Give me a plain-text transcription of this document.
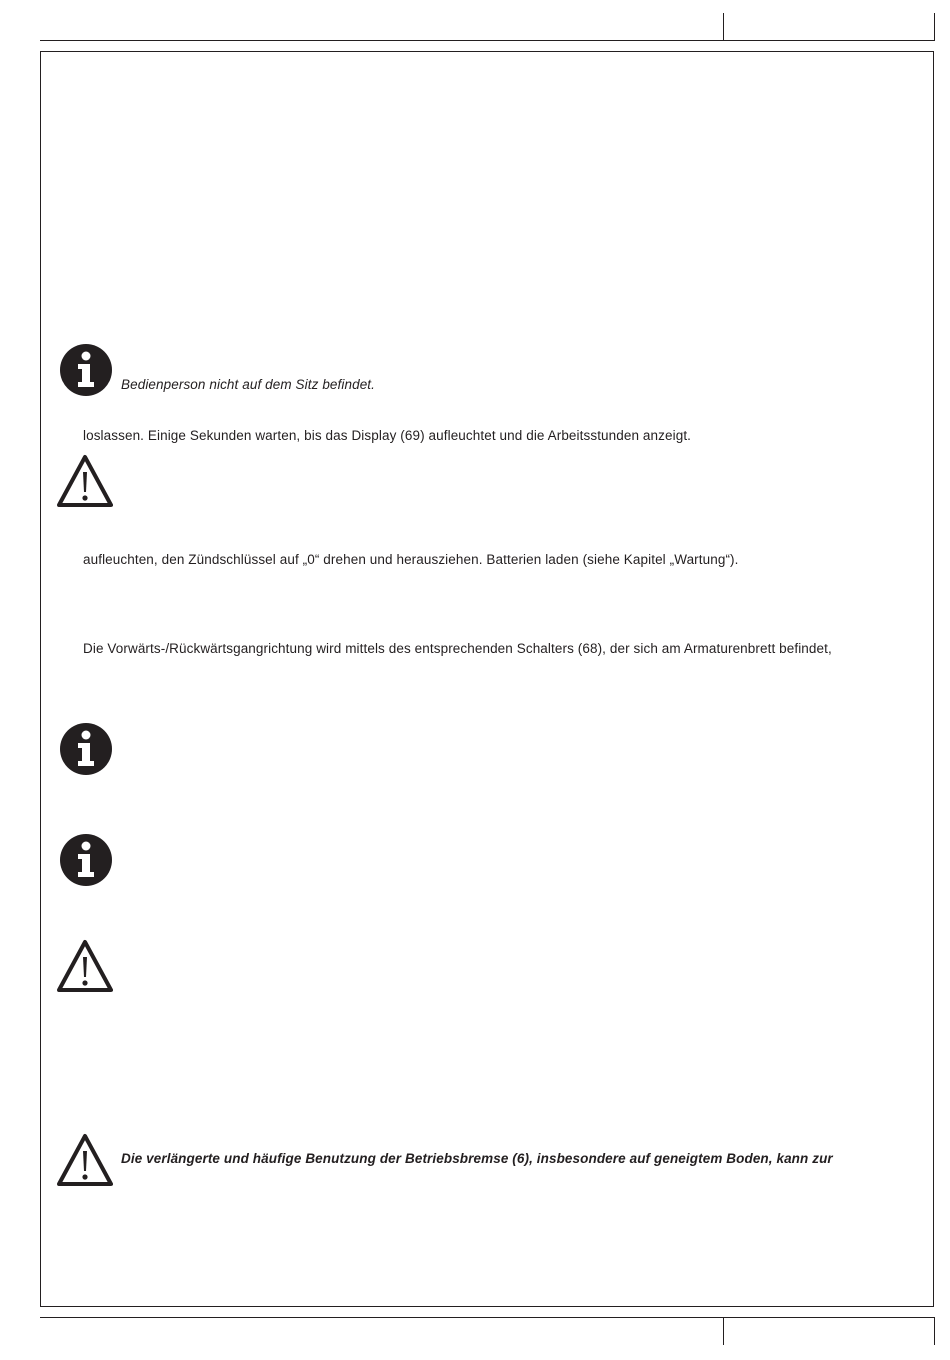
Bedienperson nicht auf dem Sitz befindet.
loslassen. Einige Sekunden warten, bis das Display (69) aufleuchtet und die Arbeitsstunden anzeigt.
aufleuchten, den Zündschlüssel auf „0“ drehen und herausziehen. Batterien laden (siehe Kapitel „Wartung“).
Die Vorwärts-/Rückwärtsgangrichtung wird mittels des entsprechenden Schalters (68), der sich am Armaturenbrett befindet,
Die verlängerte und häufige Benutzung der Betriebsbremse (6), insbesondere auf geneigtem Boden, kann zur
